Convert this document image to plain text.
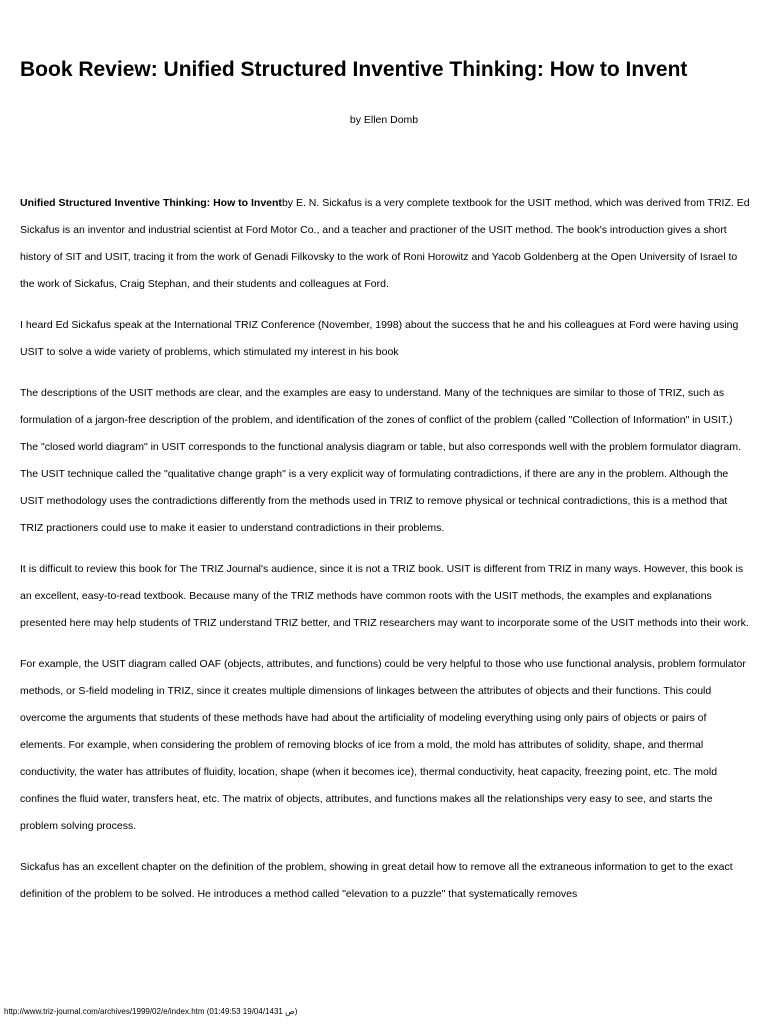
Book Review: Unified Structured Inventive Thinking: How to Invent
by Ellen Domb

Unified Structured Inventive Thinking: How to Inventby E. N. Sickafus is a very complete textbook for the USIT method, which was derived from TRIZ. Ed Sickafus is an inventor and industrial scientist at Ford Motor Co., and a teacher and practioner of the USIT method. The book's introduction gives a short history of SIT and USIT, tracing it from the work of Genadi Filkovsky to the work of Roni Horowitz and Yacob Goldenberg at the Open University of Israel to the work of Sickafus, Craig Stephan, and their students and colleagues at Ford.

I heard Ed Sickafus speak at the International TRIZ Conference (November, 1998) about the success that he and his colleagues at Ford were having using USIT to solve a wide variety of problems, which stimulated my interest in his book

The descriptions of the USIT methods are clear, and the examples are easy to understand. Many of the techniques are similar to those of TRIZ, such as formulation of a jargon-free description of the problem, and identification of the zones of conflict of the problem (called "Collection of Information" in USIT.) The "closed world diagram" in USIT corresponds to the functional analysis diagram or table, but also corresponds well with the problem formulator diagram. The USIT technique called the "qualitative change graph" is a very explicit way of formulating contradictions, if there are any in the problem. Although the USIT methodology uses the contradictions differently from the methods used in TRIZ to remove physical or technical contradictions, this is a method that TRIZ practioners could use to make it easier to understand contradictions in their problems.

It is difficult to review this book for The TRIZ Journal's audience, since it is not a TRIZ book. USIT is different from TRIZ in many ways. However, this book is an excellent, easy-to-read textbook. Because many of the TRIZ methods have common roots with the USIT methods, the examples and explanations presented here may help students of TRIZ understand TRIZ better, and TRIZ researchers may want to incorporate some of the USIT methods into their work.

For example, the USIT diagram called OAF (objects, attributes, and functions) could be very helpful to those who use functional analysis, problem formulator methods, or S-field modeling in TRIZ, since it creates multiple dimensions of linkages between the attributes of objects and their functions. This could overcome the arguments that students of these methods have had about the artificiality of modeling everything using only pairs of objects or pairs of elements. For example, when considering the problem of removing blocks of ice from a mold, the mold has attributes of solidity, shape, and thermal conductivity, the water has attributes of fluidity, location, shape (when it becomes ice), thermal conductivity, heat capacity, freezing point, etc. The mold confines the fluid water, transfers heat, etc. The matrix of objects, attributes, and functions makes all the relationships very easy to see, and starts the problem solving process.

Sickafus has an excellent chapter on the definition of the problem, showing in great detail how to remove all the extraneous information to get to the exact definition of the problem to be solved. He introduces a method called "elevation to a puzzle" that systematically removes

http://www.triz-journal.com/archives/1999/02/e/index.htm (01:49:53 ص 19/04/1431)
